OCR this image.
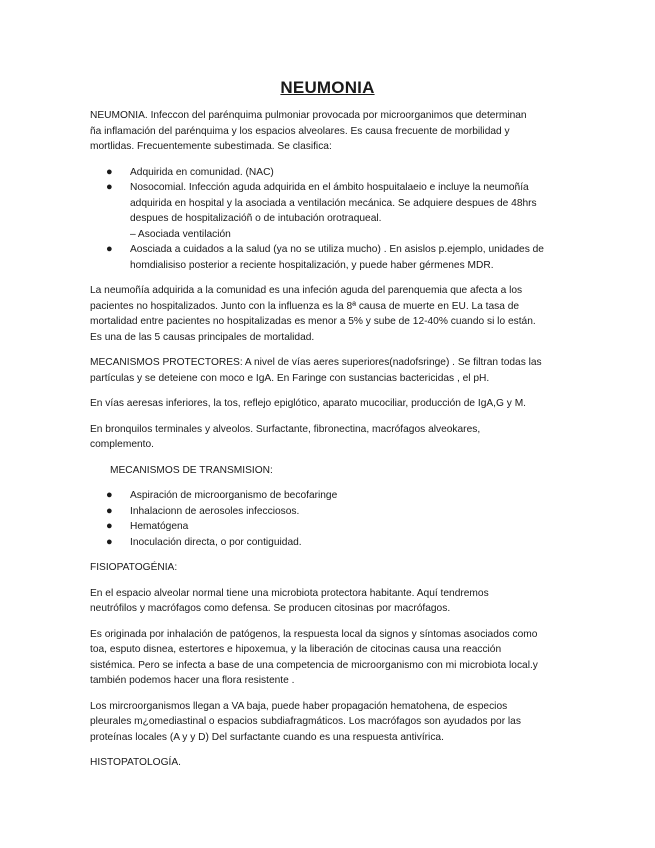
NEUMONIA

NEUMONIA. Infeccon del parénquima pulmoniar provocada por microorganimos que determinan
ña inflamación del parénquima y los espacios alveolares. Es causa frecuente de morbilidad y
mortlidas. Frecuentemente subestimada. Se clasifica:

● Adquirida en comunidad. (NAC)
● Nosocomial. Infección aguda adquirida en el ámbito hospuitalaeio e incluye la neumoñía
adquirida en hospital y la asociada a ventilación mecánica. Se adquiere despues de 48hrs
despues de hospitalizacióñ o de intubación orotraqueal.
– Asociada ventilación
● Aosciada a cuidados a la salud (ya no se utiliza mucho) . En asislos p.ejemplo, unidades de
homdialisiso posterior a reciente hospitalización, y puede haber gérmenes MDR.

La neumoñía adquirida a la comunidad es una infeción aguda del parenquemia que afecta a los
pacientes no hospitalizados. Junto con la influenza es la 8ª causa de muerte en EU. La tasa de
mortalidad entre pacientes no hospitalizadas es menor a 5% y sube de 12-40% cuando si lo están.
Es una de las 5 causas principales de mortalidad.

MECANISMOS PROTECTORES: A nivel de vías aeres superiores(nadofsringe) . Se filtran todas las
partículas y se deteiene con moco e IgA. En Faringe con sustancias bactericidas , el pH.

En vías aeresas inferiores, la tos, reflejo epiglótico, aparato mucociliar, producción de IgA,G y M.

En bronquilos terminales y alveolos. Surfactante, fibronectina, macrófagos alveokares,
complemento.

MECANISMOS DE TRANSMISION:

● Aspiración de microorganismo de becofaringe
● Inhalacionn de aerosoles infecciosos.
● Hematógena
● Inoculación directa, o por contiguidad.

FISIOPATOGÉNIA:

En el espacio alveolar normal tiene una microbiota protectora habitante. Aquí tendremos
neutrófilos y macrófagos como defensa. Se producen citosinas por macrófagos.

Es originada por inhalación de patógenos, la respuesta local da signos y síntomas asociados como
toa, esputo disnea, estertores e hipoxemua, y la liberación de citocinas causa una reacción
sistémica. Pero se infecta a base de una competencia de microorganismo con mi microbiota local.y
también podemos hacer una flora resistente .

Los mircroorganismos llegan a VA baja, puede haber propagación hematohena, de especios
pleurales m¿omediastinal o espacios subdiafragmáticos. Los macrófagos son ayudados por las
proteínas locales (A y y D) Del surfactante cuando es una respuesta antivírica.

HISTOPATOLOGÍA.
